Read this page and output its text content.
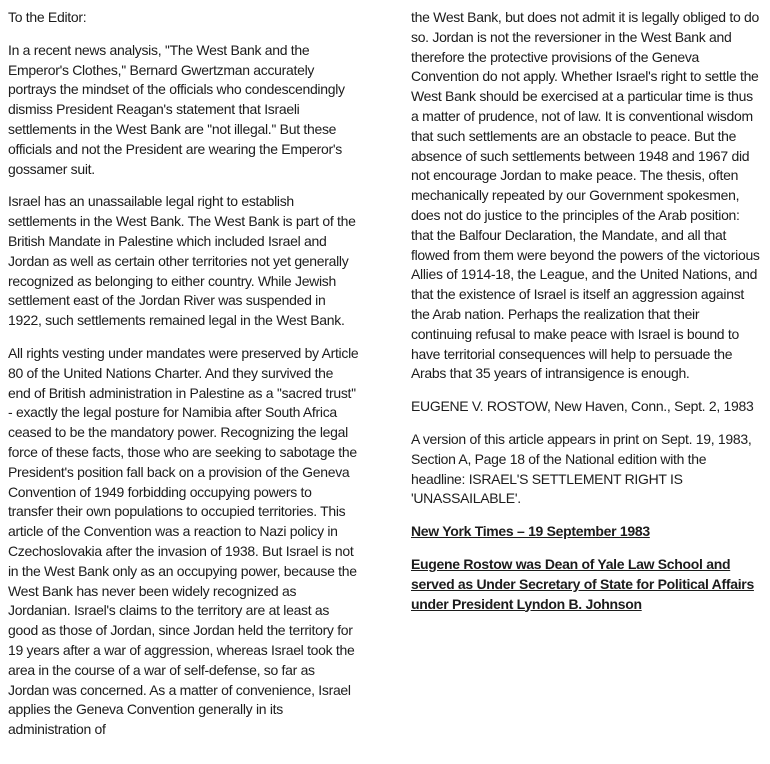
To the Editor:

In a recent news analysis, ''The West Bank and the Emperor's Clothes,'' Bernard Gwertzman accurately portrays the mindset of the officials who condescendingly dismiss President Reagan's statement that Israeli settlements in the West Bank are ''not illegal.'' But these officials and not the President are wearing the Emperor's gossamer suit.

Israel has an unassailable legal right to establish settlements in the West Bank. The West Bank is part of the British Mandate in Palestine which included Israel and Jordan as well as certain other territories not yet generally recognized as belonging to either country. While Jewish settlement east of the Jordan River was suspended in 1922, such settlements remained legal in the West Bank.

All rights vesting under mandates were preserved by Article 80 of the United Nations Charter. And they survived the end of British administration in Palestine as a ''sacred trust'' - exactly the legal posture for Namibia after South Africa ceased to be the mandatory power. Recognizing the legal force of these facts, those who are seeking to sabotage the President's position fall back on a provision of the Geneva Convention of 1949 forbidding occupying powers to transfer their own populations to occupied territories. This article of the Convention was a reaction to Nazi policy in Czechoslovakia after the invasion of 1938. But Israel is not in the West Bank only as an occupying power, because the West Bank has never been widely recognized as Jordanian. Israel's claims to the territory are at least as good as those of Jordan, since Jordan held the territory for 19 years after a war of aggression, whereas Israel took the area in the course of a war of self-defense, so far as Jordan was concerned. As a matter of convenience, Israel applies the Geneva Convention generally in its administration of

the West Bank, but does not admit it is legally obliged to do so. Jordan is not the reversioner in the West Bank and therefore the protective provisions of the Geneva Convention do not apply. Whether Israel's right to settle the West Bank should be exercised at a particular time is thus a matter of prudence, not of law. It is conventional wisdom that such settlements are an obstacle to peace. But the absence of such settlements between 1948 and 1967 did not encourage Jordan to make peace. The thesis, often mechanically repeated by our Government spokesmen, does not do justice to the principles of the Arab position: that the Balfour Declaration, the Mandate, and all that flowed from them were beyond the powers of the victorious Allies of 1914-18, the League, and the United Nations, and that the existence of Israel is itself an aggression against the Arab nation. Perhaps the realization that their continuing refusal to make peace with Israel is bound to have territorial consequences will help to persuade the Arabs that 35 years of intransigence is enough.

EUGENE V. ROSTOW, New Haven, Conn., Sept. 2, 1983

A version of this article appears in print on Sept. 19, 1983, Section A, Page 18 of the National edition with the headline: ISRAEL'S SETTLEMENT RIGHT IS 'UNASSAILABLE'.

New York Times – 19 September 1983

Eugene Rostow was Dean of Yale Law School and served as Under Secretary of State for Political Affairs under President Lyndon B. Johnson
